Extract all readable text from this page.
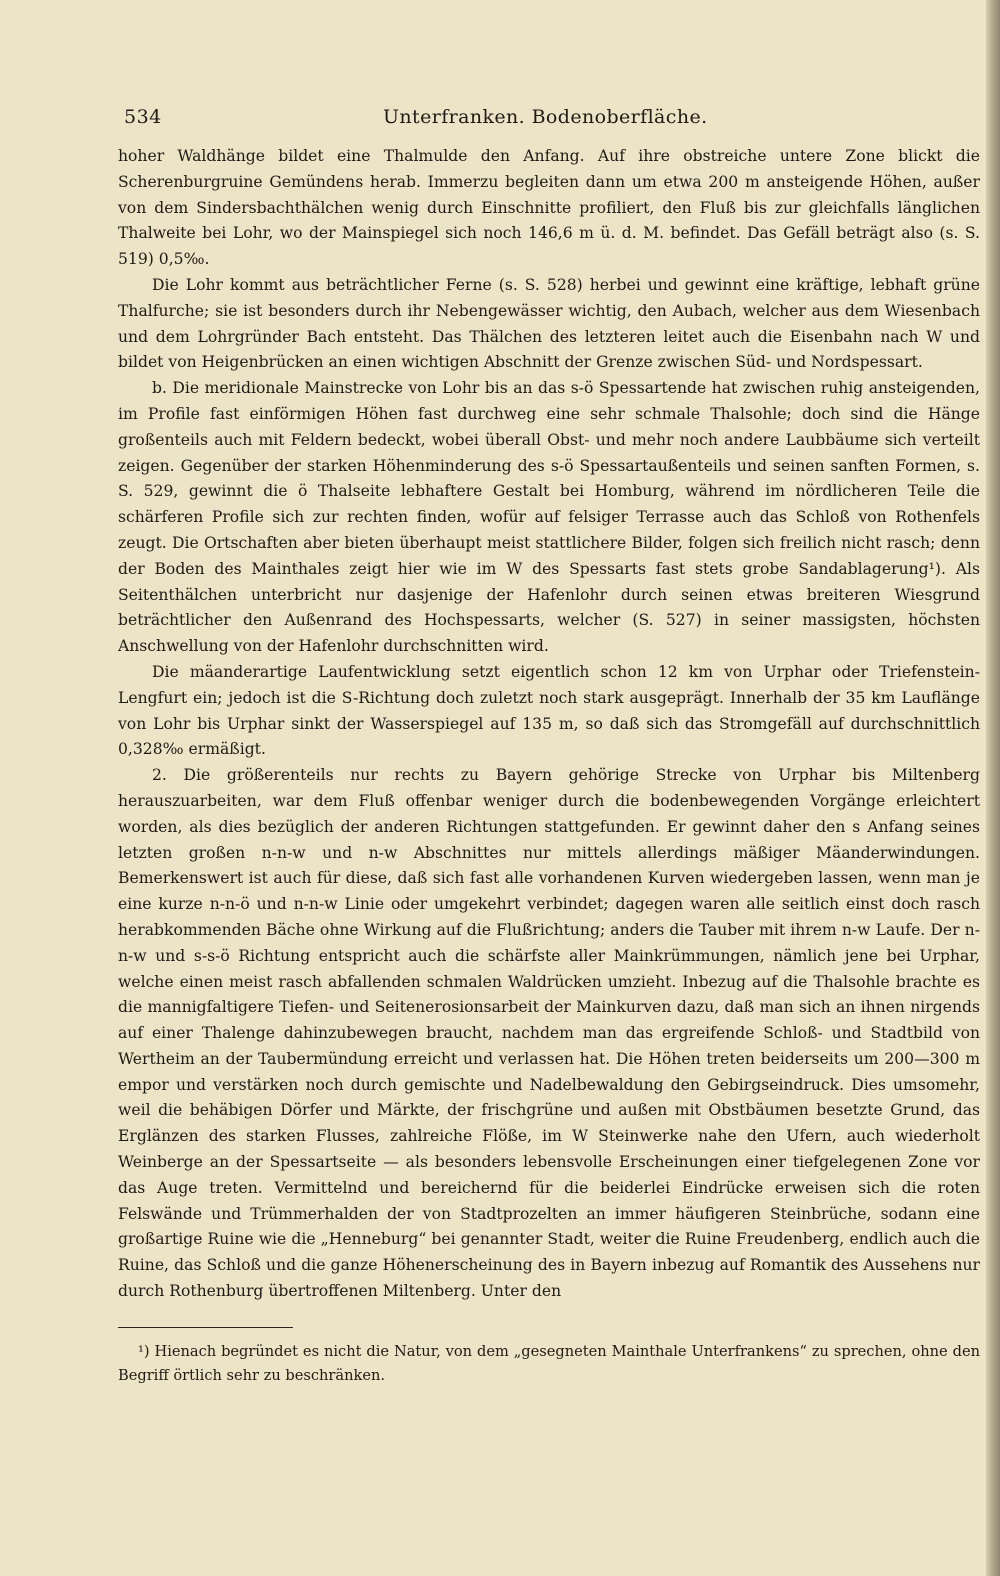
534	Unterfranken. Bodenoberfläche.

hoher Waldhänge bildet eine Thalmulde den Anfang. Auf ihre obstreiche untere Zone blickt die Scherenburgruine Gemündens herab. Immerzu begleiten dann um etwa 200 m ansteigende Höhen, außer von dem Sindersbachthälchen wenig durch Einschnitte profiliert, den Fluß bis zur gleichfalls länglichen Thalweite bei Lohr, wo der Mainspiegel sich noch 146,6 m ü. d. M. befindet. Das Gefäll beträgt also (s. S. 519) 0,5‰.

Die Lohr kommt aus beträchtlicher Ferne (s. S. 528) herbei und gewinnt eine kräftige, lebhaft grüne Thalfurche; sie ist besonders durch ihr Nebengewässer wichtig, den Aubach, welcher aus dem Wiesenbach und dem Lohrgründer Bach entsteht. Das Thälchen des letzteren leitet auch die Eisenbahn nach W und bildet von Heigenbrücken an einen wichtigen Abschnitt der Grenze zwischen Süd- und Nordspessart.

b. Die meridionale Mainstrecke von Lohr bis an das s-ö Spessartende hat zwischen ruhig ansteigenden, im Profile fast einförmigen Höhen fast durchweg eine sehr schmale Thalsohle; doch sind die Hänge großenteils auch mit Feldern bedeckt, wobei überall Obst- und mehr noch andere Laubbäume sich verteilt zeigen. Gegenüber der starken Höhenminderung des s-ö Spessartaußenteils und seinen sanften Formen, s. S. 529, gewinnt die ö Thalseite lebhaftere Gestalt bei Homburg, während im nördlicheren Teile die schärferen Profile sich zur rechten finden, wofür auf felsiger Terrasse auch das Schloß von Rothenfels zeugt. Die Ortschaften aber bieten überhaupt meist stattlichere Bilder, folgen sich freilich nicht rasch; denn der Boden des Mainthales zeigt hier wie im W des Spessarts fast stets grobe Sandablagerung¹). Als Seitenthälchen unterbricht nur dasjenige der Hafenlohr durch seinen etwas breiteren Wiesgrund beträchtlicher den Außenrand des Hochspessarts, welcher (S. 527) in seiner massigsten, höchsten Anschwellung von der Hafenlohr durchschnitten wird.

Die mäanderartige Laufentwicklung setzt eigentlich schon 12 km von Urphar oder Triefenstein-Lengfurt ein; jedoch ist die S-Richtung doch zuletzt noch stark ausgeprägt. Innerhalb der 35 km Lauflänge von Lohr bis Urphar sinkt der Wasserspiegel auf 135 m, so daß sich das Stromgefäll auf durchschnittlich 0,328‰ ermäßigt.

2. Die größerenteils nur rechts zu Bayern gehörige Strecke von Urphar bis Miltenberg herauszuarbeiten, war dem Fluß offenbar weniger durch die bodenbewegenden Vorgänge erleichtert worden, als dies bezüglich der anderen Richtungen stattgefunden. Er gewinnt daher den s Anfang seines letzten großen n-n-w und n-w Abschnittes nur mittels allerdings mäßiger Mäanderwindungen. Bemerkenswert ist auch für diese, daß sich fast alle vorhandenen Kurven wiedergeben lassen, wenn man je eine kurze n-n-ö und n-n-w Linie oder umgekehrt verbindet; dagegen waren alle seitlich einst doch rasch herabkommenden Bäche ohne Wirkung auf die Flußrichtung; anders die Tauber mit ihrem n-w Laufe. Der n-n-w und s-s-ö Richtung entspricht auch die schärfste aller Mainkrümmungen, nämlich jene bei Urphar, welche einen meist rasch abfallenden schmalen Waldrücken umzieht. Inbezug auf die Thalsohle brachte es die mannigfaltigere Tiefen- und Seitenerosionsarbeit der Mainkurven dazu, daß man sich an ihnen nirgends auf einer Thalenge dahinzubewegen braucht, nachdem man das ergreifende Schloß- und Stadtbild von Wertheim an der Taubermündung erreicht und verlassen hat. Die Höhen treten beiderseits um 200—300 m empor und verstärken noch durch gemischte und Nadelbewaldung den Gebirgseindruck. Dies umsomehr, weil die behäbigen Dörfer und Märkte, der frischgrüne und außen mit Obstbäumen besetzte Grund, das Erglänzen des starken Flusses, zahlreiche Flöße, im W Steinwerke nahe den Ufern, auch wiederholt Weinberge an der Spessartseite — als besonders lebensvolle Erscheinungen einer tiefgelegenen Zone vor das Auge treten. Vermittelnd und bereichernd für die beiderlei Eindrücke erweisen sich die roten Felswände und Trümmerhalden der von Stadtprozelten an immer häufigeren Steinbrüche, sodann eine großartige Ruine wie die „Henneburg“ bei genannter Stadt, weiter die Ruine Freudenberg, endlich auch die Ruine, das Schloß und die ganze Höhenerscheinung des in Bayern inbezug auf Romantik des Aussehens nur durch Rothenburg übertroffenen Miltenberg. Unter den

¹) Hienach begründet es nicht die Natur, von dem „gesegneten Mainthale Unterfrankens“ zu sprechen, ohne den Begriff örtlich sehr zu beschränken.
